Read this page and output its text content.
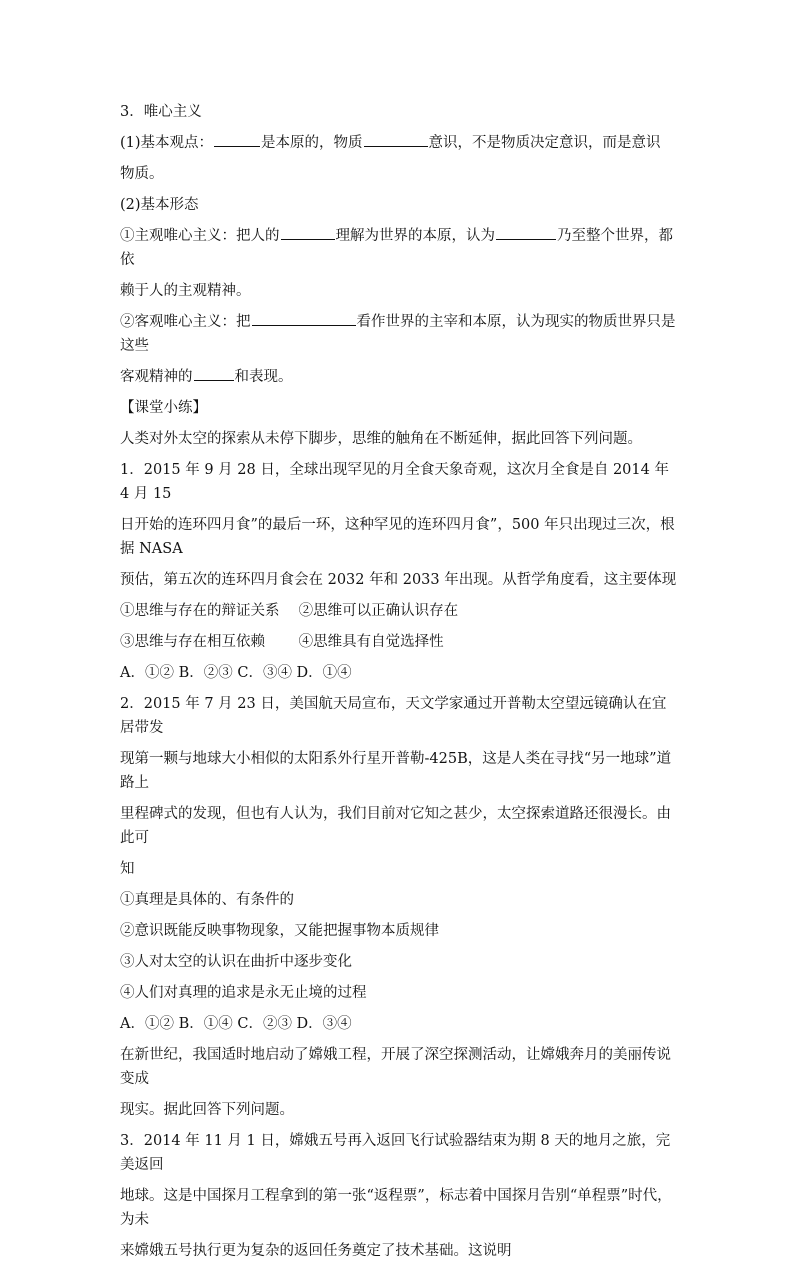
3．唯心主义
(1)基本观点：	是本原的，物质	意识，不是物质决定意识，而是意识
物质。
(2)基本形态
①主观唯心主义：把人的	理解为世界的本原，认为	乃至整个世界，都依
赖于人的主观精神。
②客观唯心主义：把	看作世界的主宰和本原，认为现实的物质世界只是这些
客观精神的	和表现。
【课堂小练】
人类对外太空的探索从未停下脚步，思维的触角在不断延伸，据此回答下列问题。
1．2015 年 9 月 28 日，全球出现罕见的月全食天象奇观，这次月全食是自 2014 年 4 月 15
日开始的连环四月食”的最后一环，这种罕见的连环四月食”，500 年只出现过三次，根据 NASA
预估，第五次的连环四月食会在 2032 年和 2033 年出现。从哲学角度看，这主要体现
①思维与存在的辩证关系　 ②思维可以正确认识存在
③思维与存在相互依赖　　 ④思维具有自觉选择性
A．①② B．②③ C．③④ D．①④
2．2015 年 7 月 23 日，美国航天局宣布，天文学家通过开普勒太空望远镜确认在宜居带发
现第一颗与地球大小相似的太阳系外行星开普勒-425B，这是人类在寻找“另一地球”道路上
里程碑式的发现，但也有人认为，我们目前对它知之甚少，太空探索道路还很漫长。由此可
知
①真理是具体的、有条件的
②意识既能反映事物现象，又能把握事物本质规律
③人对太空的认识在曲折中逐步变化
④人们对真理的追求是永无止境的过程
A．①② B．①④ C．②③ D．③④
在新世纪，我国适时地启动了嫦娥工程，开展了深空探测活动，让嫦娥奔月的美丽传说变成
现实。据此回答下列问题。
3．2014 年 11 月 1 日，嫦娥五号再入返回飞行试验器结束为期 8 天的地月之旅，完美返回
地球。这是中国探月工程拿到的第一张“返程票”，标志着中国探月告别“单程票”时代，为未
来嫦娥五号执行更为复杂的返回任务奠定了技术基础。这说明
